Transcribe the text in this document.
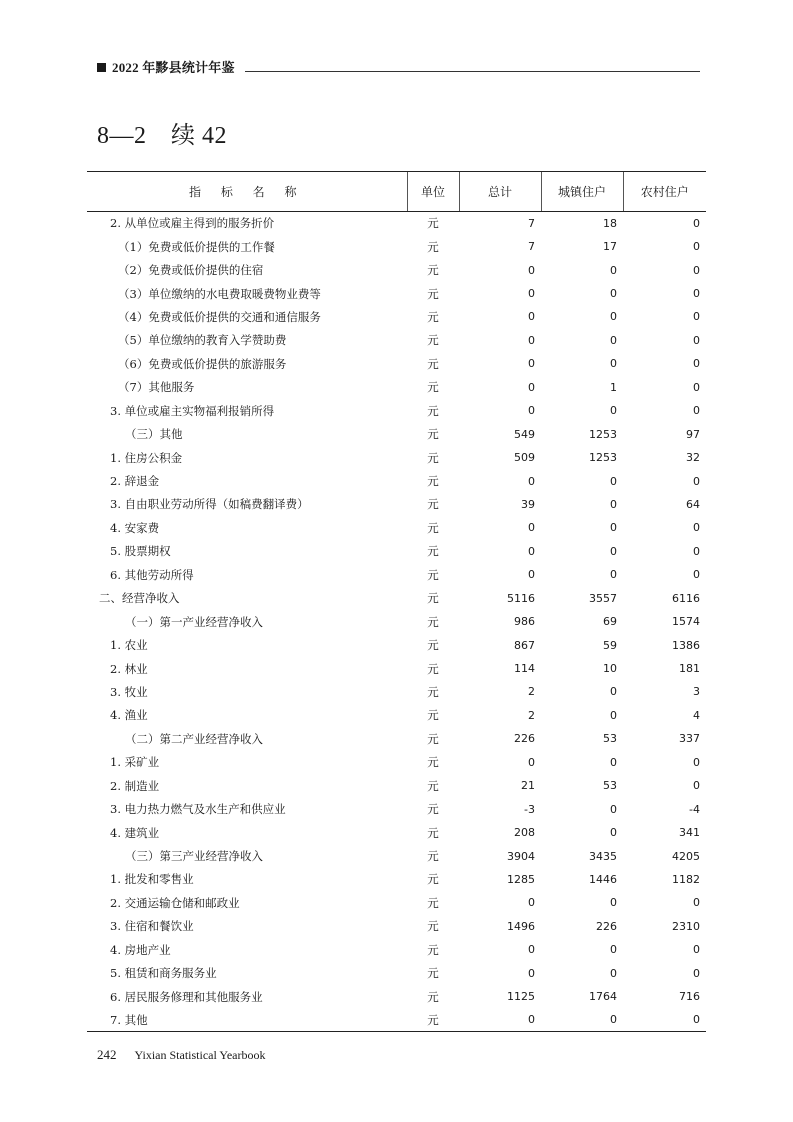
2022 年黟县统计年鉴
8—2　续 42
指 标 名 称	单位	总计	城镇住户	农村住户
2. 从单位或雇主得到的服务折价	元	7	18	0
（1）免费或低价提供的工作餐	元	7	17	0
（2）免费或低价提供的住宿	元	0	0	0
（3）单位缴纳的水电费取暖费物业费等	元	0	0	0
（4）免费或低价提供的交通和通信服务	元	0	0	0
（5）单位缴纳的教育入学赞助费	元	0	0	0
（6）免费或低价提供的旅游服务	元	0	0	0
（7）其他服务	元	0	1	0
3. 单位或雇主实物福利报销所得	元	0	0	0
（三）其他	元	549	1253	97
1. 住房公积金	元	509	1253	32
2. 辞退金	元	0	0	0
3. 自由职业劳动所得（如稿费翻译费）	元	39	0	64
4. 安家费	元	0	0	0
5. 股票期权	元	0	0	0
6. 其他劳动所得	元	0	0	0
二、经营净收入	元	5116	3557	6116
（一）第一产业经营净收入	元	986	69	1574
1. 农业	元	867	59	1386
2. 林业	元	114	10	181
3. 牧业	元	2	0	3
4. 渔业	元	2	0	4
（二）第二产业经营净收入	元	226	53	337
1. 采矿业	元	0	0	0
2. 制造业	元	21	53	0
3. 电力热力燃气及水生产和供应业	元	-3	0	-4
4. 建筑业	元	208	0	341
（三）第三产业经营净收入	元	3904	3435	4205
1. 批发和零售业	元	1285	1446	1182
2. 交通运输仓储和邮政业	元	0	0	0
3. 住宿和餐饮业	元	1496	226	2310
4. 房地产业	元	0	0	0
5. 租赁和商务服务业	元	0	0	0
6. 居民服务修理和其他服务业	元	1125	1764	716
7. 其他	元	0	0	0
242 Yixian Statistical Yearbook
